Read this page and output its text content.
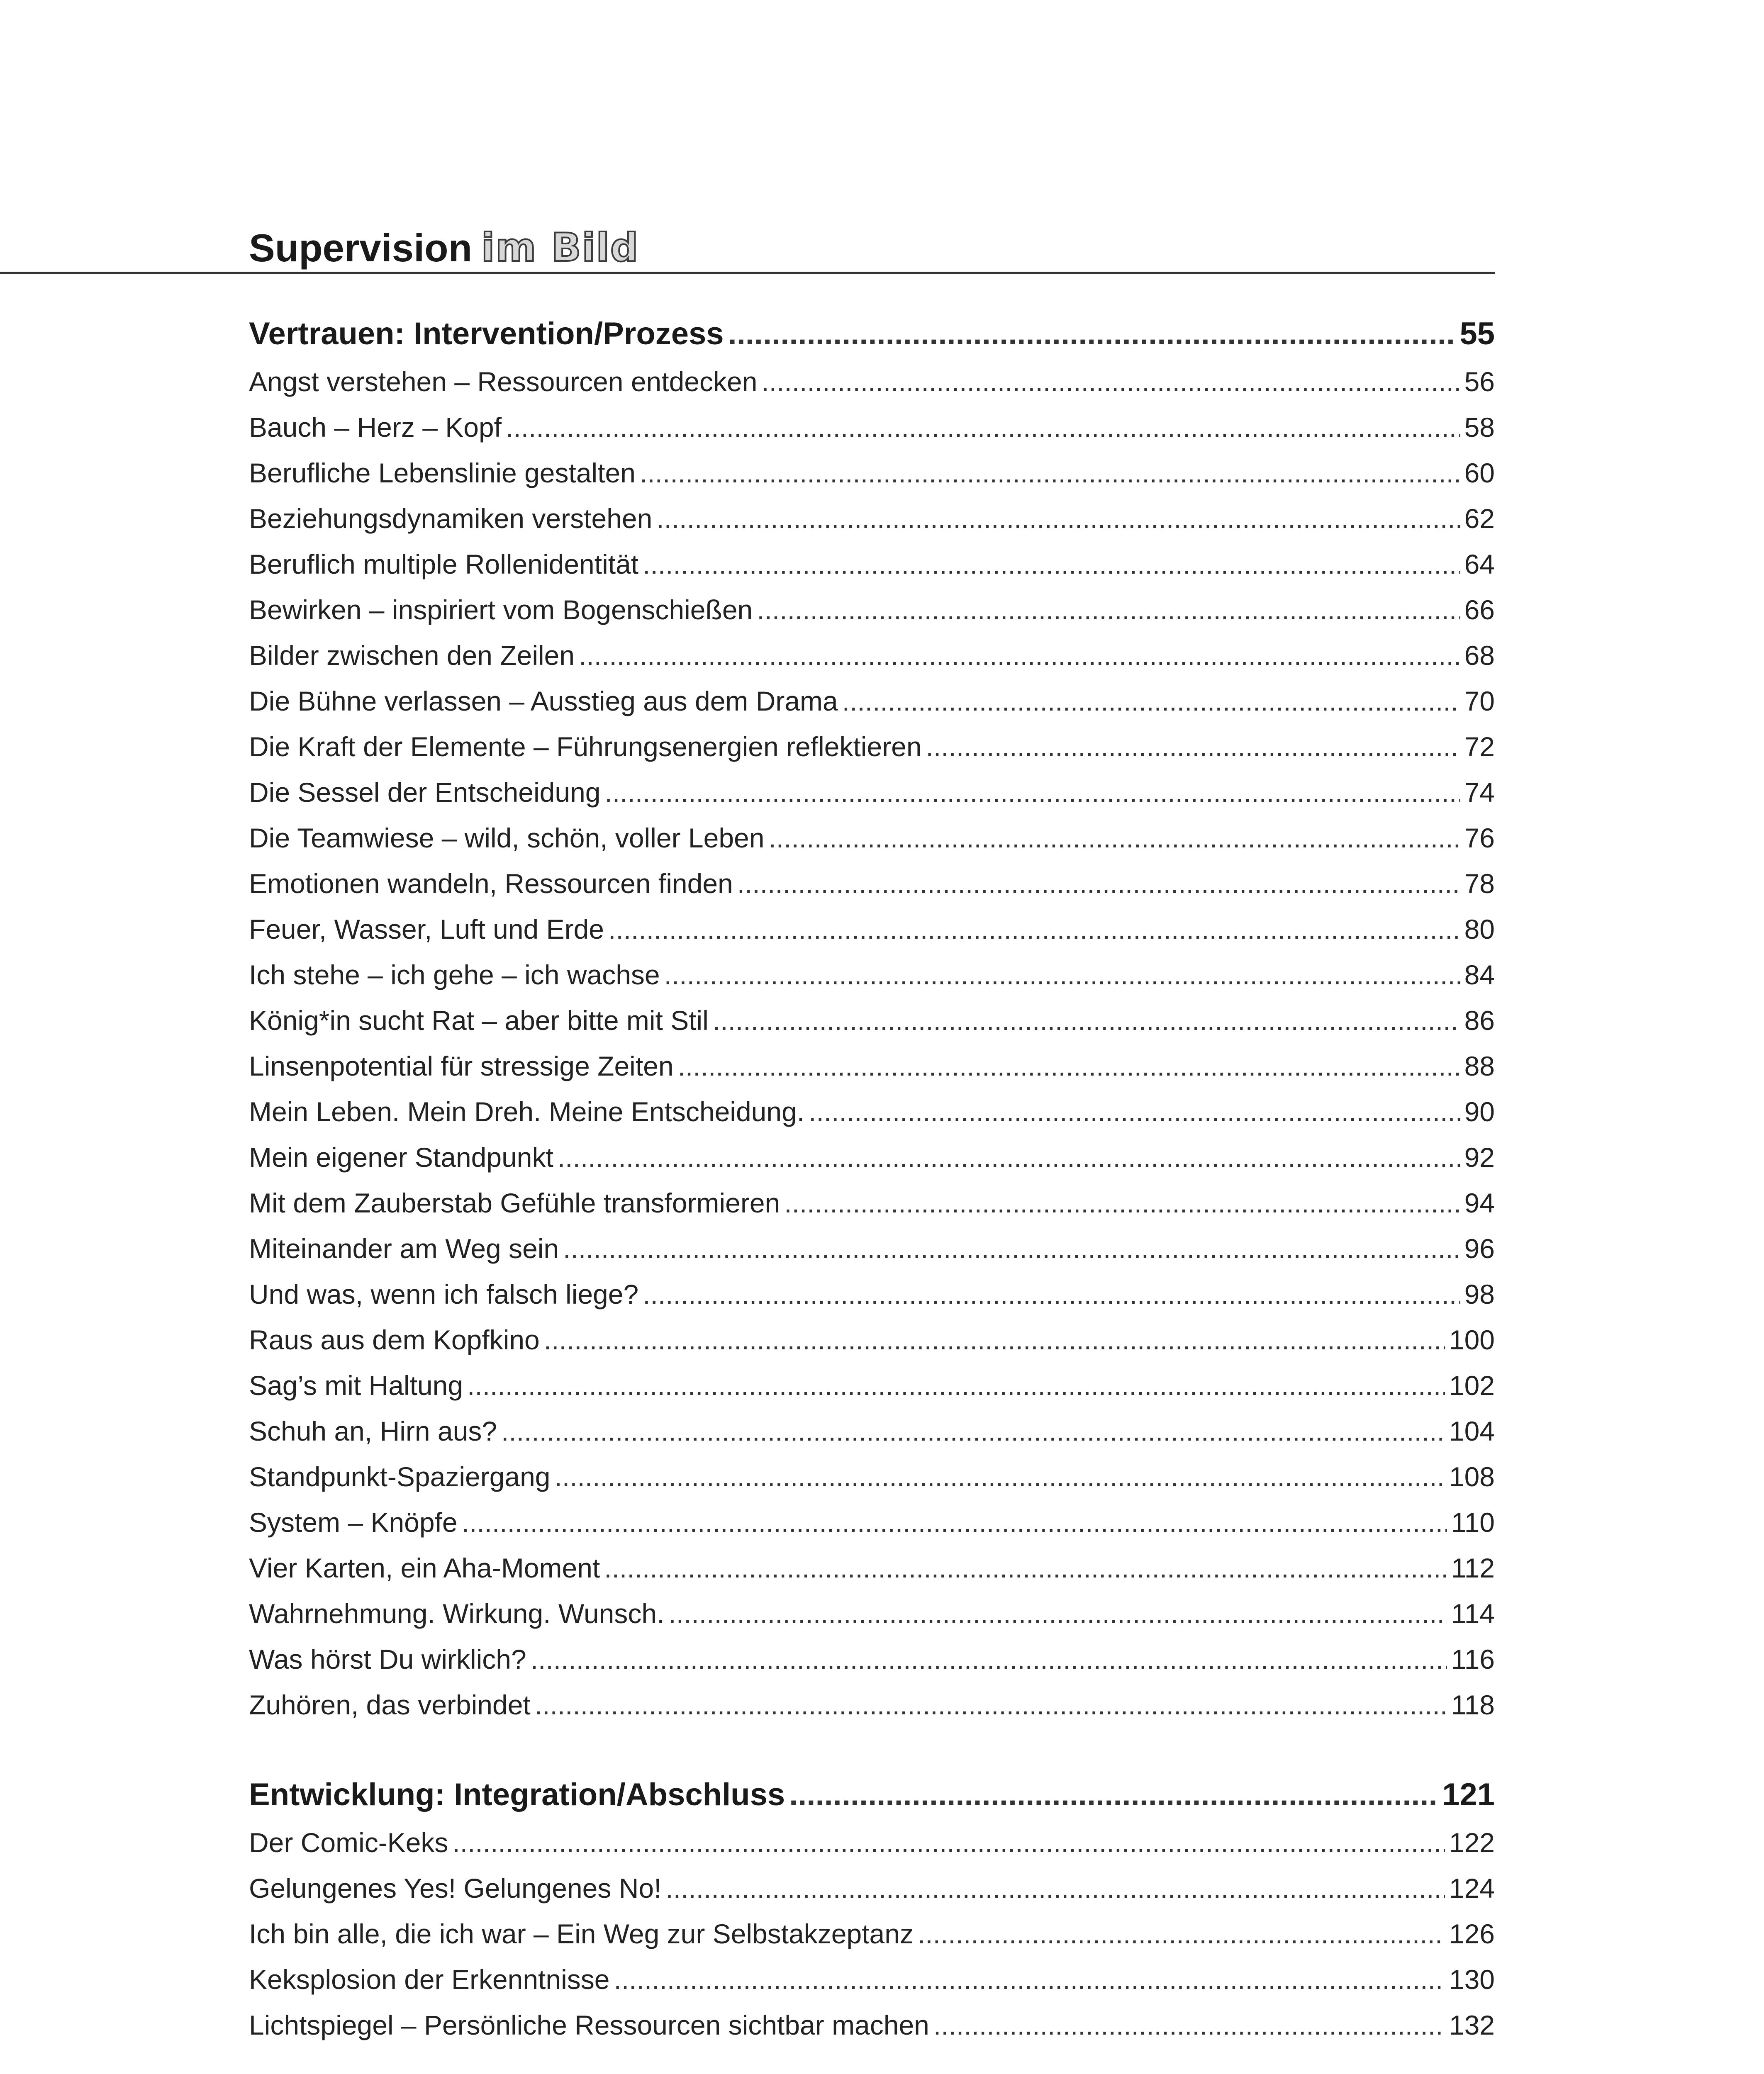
Supervision im Bild
Vertrauen: Intervention/Prozess .....	55
Angst verstehen – Ressourcen entdecken .....	56
Bauch – Herz – Kopf .....	58
Berufliche Lebenslinie gestalten .....	60
Beziehungsdynamiken verstehen .....	62
Beruflich multiple Rollenidentität .....	64
Bewirken – inspiriert vom Bogenschießen .....	66
Bilder zwischen den Zeilen .....	68
Die Bühne verlassen – Ausstieg aus dem Drama .....	70
Die Kraft der Elemente – Führungsenergien reflektieren .....	72
Die Sessel der Entscheidung .....	74
Die Teamwiese – wild, schön, voller Leben .....	76
Emotionen wandeln, Ressourcen finden .....	78
Feuer, Wasser, Luft und Erde .....	80
Ich stehe – ich gehe – ich wachse .....	84
König*in sucht Rat – aber bitte mit Stil .....	86
Linsenpotential für stressige Zeiten .....	88
Mein Leben. Mein Dreh. Meine Entscheidung. .....	90
Mein eigener Standpunkt .....	92
Mit dem Zauberstab Gefühle transformieren .....	94
Miteinander am Weg sein .....	96
Und was, wenn ich falsch liege? .....	98
Raus aus dem Kopfkino .....	100
Sag’s mit Haltung .....	102
Schuh an, Hirn aus? .....	104
Standpunkt-Spaziergang .....	108
System – Knöpfe .....	110
Vier Karten, ein Aha-Moment .....	112
Wahrnehmung. Wirkung. Wunsch. .....	114
Was hörst Du wirklich? .....	116
Zuhören, das verbindet .....	118
Entwicklung: Integration/Abschluss .....	121
Der Comic-Keks .....	122
Gelungenes Yes! Gelungenes No! .....	124
Ich bin alle, die ich war – Ein Weg zur Selbstakzeptanz .....	126
Keksplosion der Erkenntnisse .....	130
Lichtspiegel – Persönliche Ressourcen sichtbar machen .....	132
